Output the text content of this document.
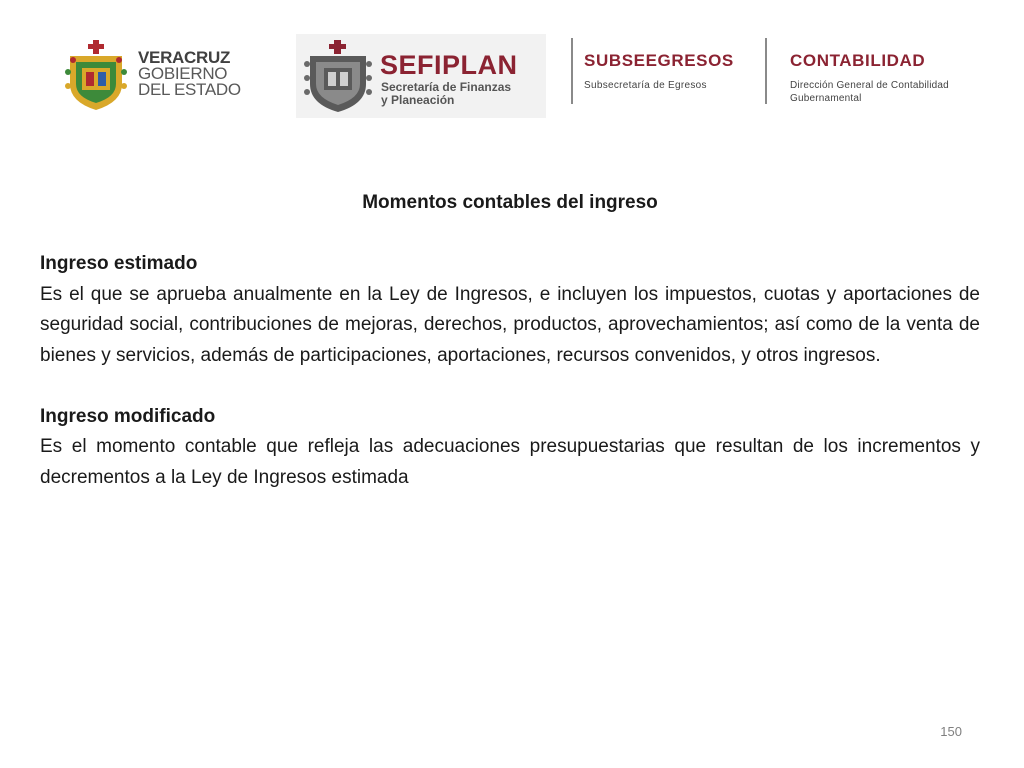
VERACRUZ
GOBIERNO
DEL ESTADO
SEFIPLAN
Secretaría de Finanzas
y Planeación
SUBSEEGRESOS
Subsecretaría de Egresos
CONTABILIDAD
Dirección General de Contabilidad
Gubernamental
Momentos contables del ingreso
Ingreso estimado
Es el que se aprueba anualmente en la Ley de Ingresos, e incluyen los impuestos, cuotas y aportaciones de seguridad social, contribuciones de mejoras, derechos, productos, aprovechamientos; así como de la venta de bienes y servicios, además de participaciones, aportaciones, recursos convenidos, y otros ingresos.
Ingreso modificado
Es el momento contable que refleja las adecuaciones presupuestarias que resultan de los incrementos y decrementos a la Ley de Ingresos estimada
150
